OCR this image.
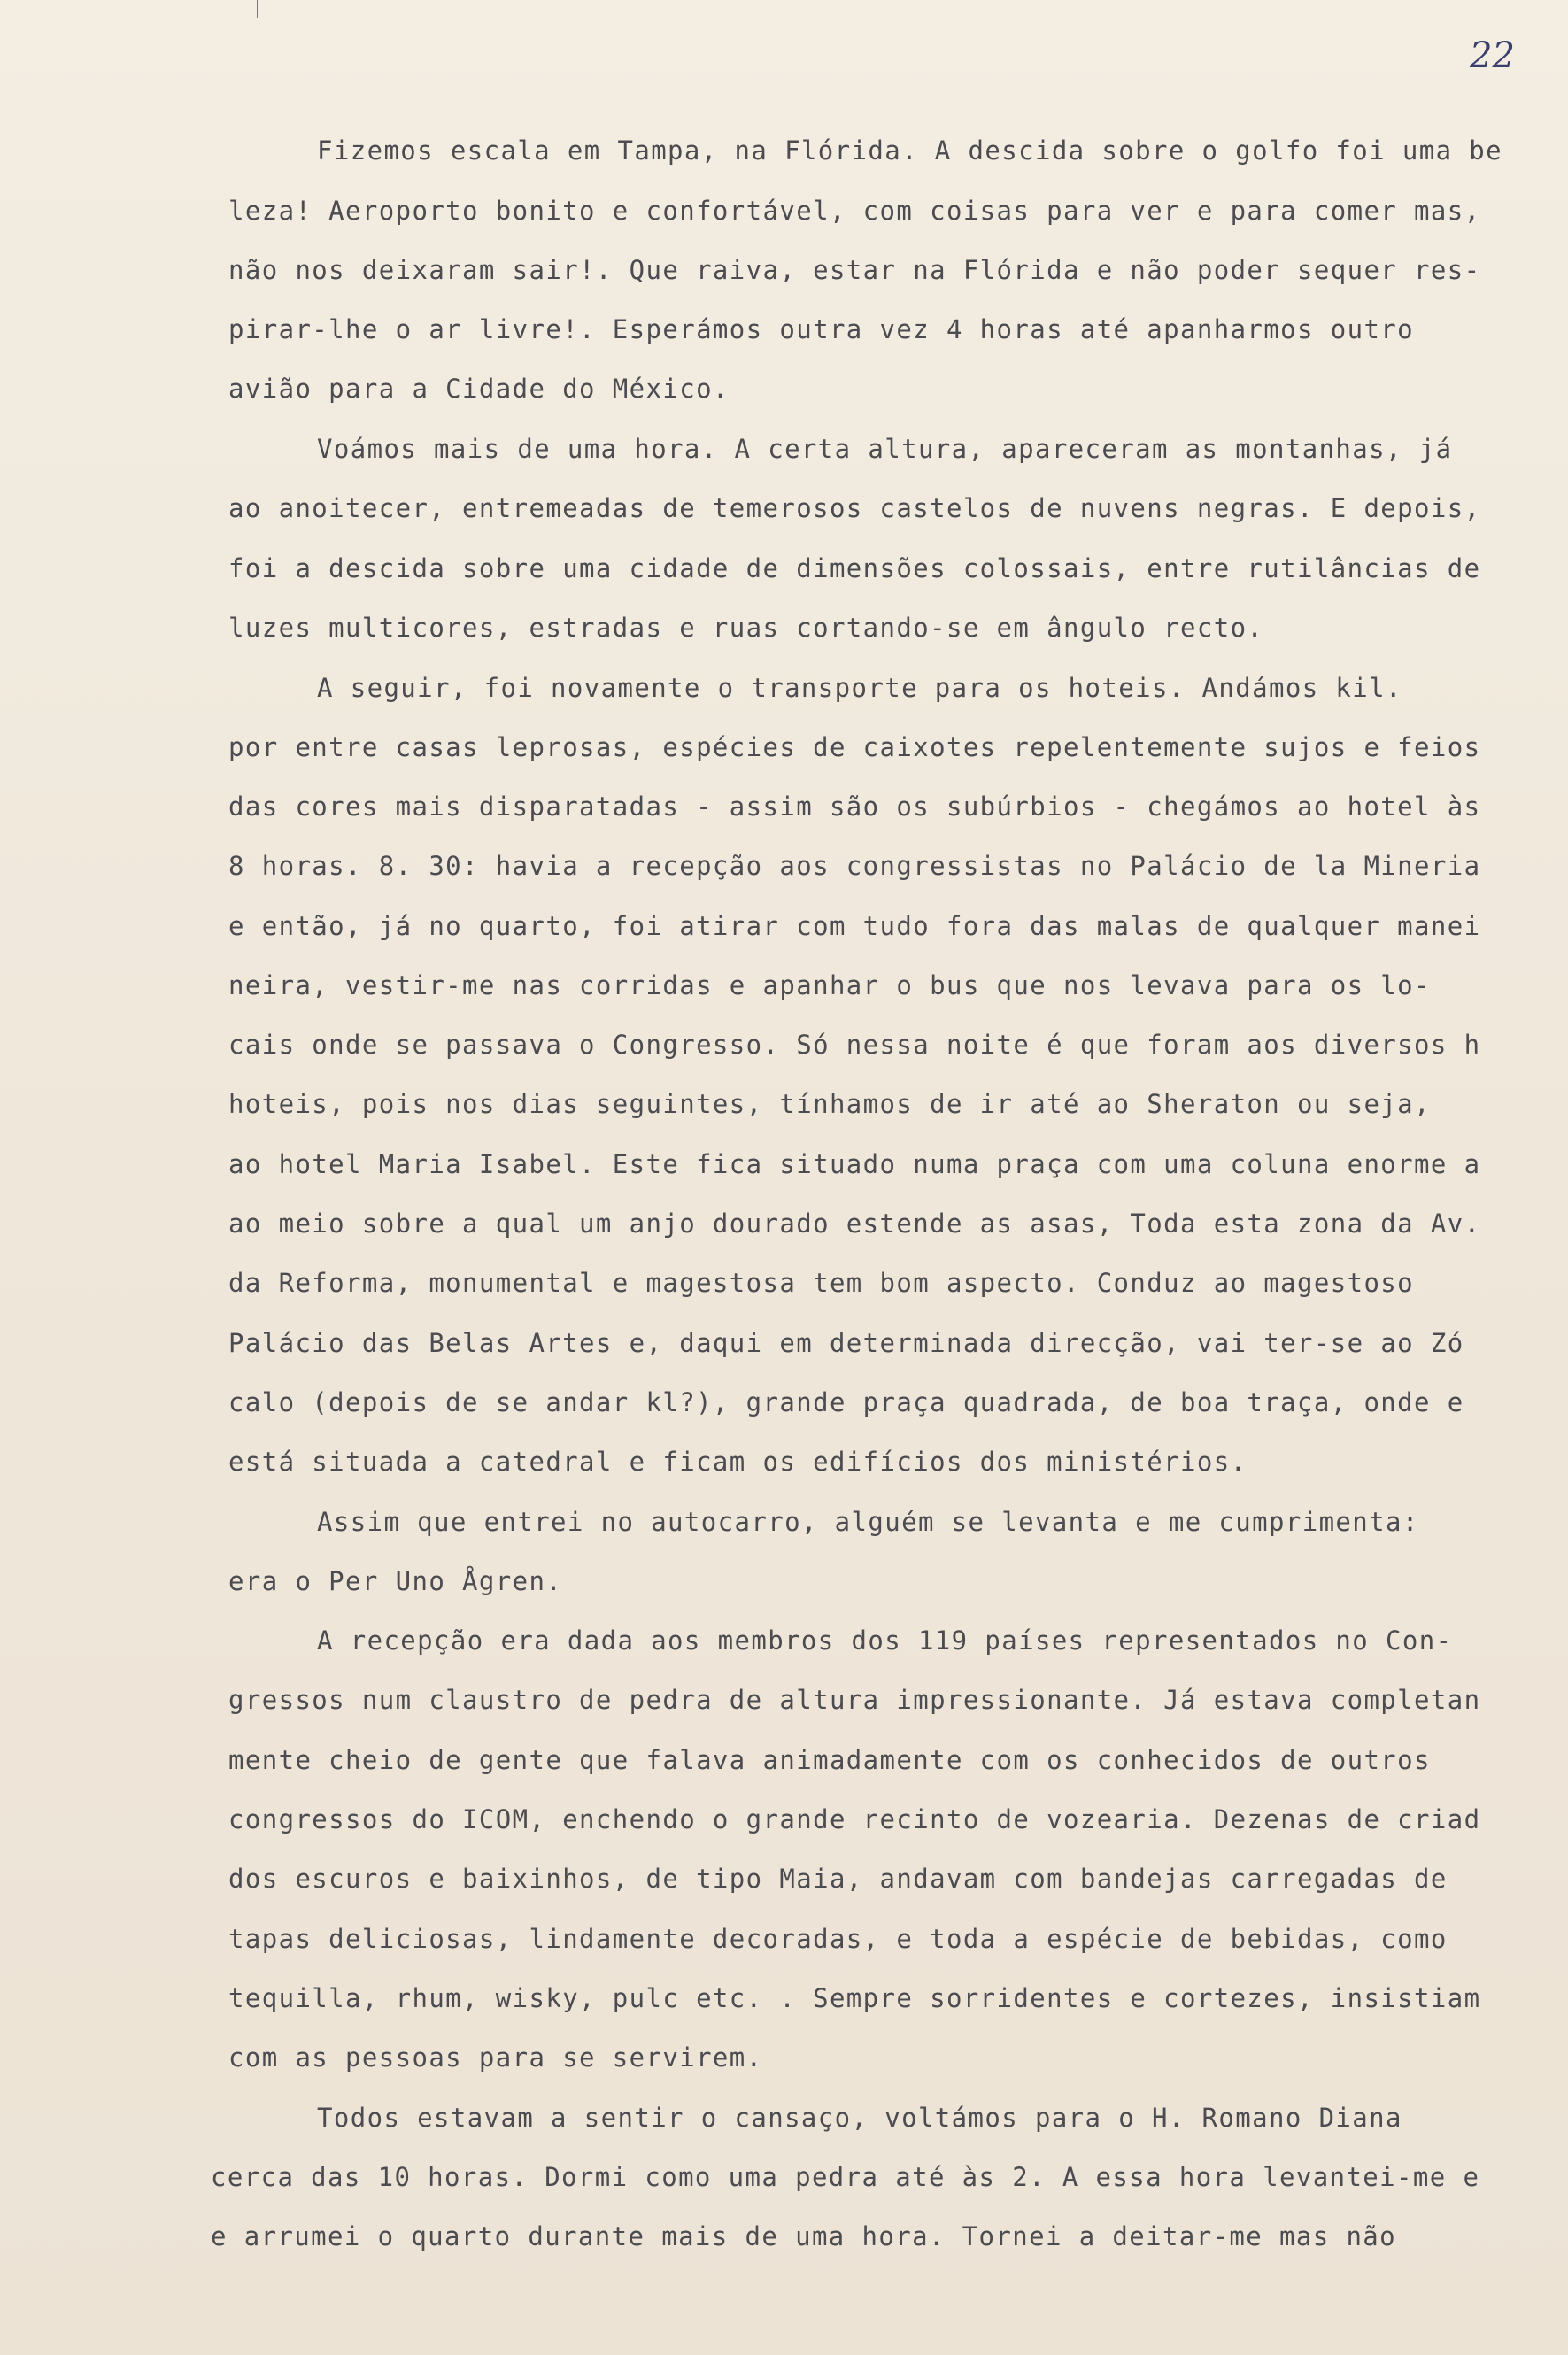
22
Fizemos escala em Tampa, na Flórida. A descida sobre o golfo foi uma be
leza! Aeroporto bonito e confortável, com coisas para ver e para comer mas,
não nos deixaram sair!. Que raiva, estar na Flórida e não poder sequer res-
pirar-lhe o ar livre!. Esperámos outra vez 4 horas até apanharmos outro
avião para a Cidade do México.
Voámos mais de uma hora. A certa altura, apareceram as montanhas, já
ao anoitecer, entremeadas de temerosos castelos de nuvens negras. E depois,
foi a descida sobre uma cidade de dimensões colossais, entre rutilâncias de
luzes multicores, estradas e ruas cortando-se em ângulo recto.
A seguir, foi novamente o transporte para os hoteis. Andámos kil.
por entre casas leprosas, espécies de caixotes repelentemente sujos e feios
das cores mais disparatadas - assim são os subúrbios - chegámos ao hotel às
8 horas. 8. 30: havia a recepção aos congressistas no Palácio de la Mineria
e então, já no quarto, foi atirar com tudo fora das malas de qualquer manei
neira, vestir-me nas corridas e apanhar o bus que nos levava para os lo-
cais onde se passava o Congresso. Só nessa noite é que foram aos diversos h
hoteis, pois nos dias seguintes, tínhamos de ir até ao Sheraton ou seja,
ao hotel Maria Isabel. Este fica situado numa praça com uma coluna enorme a
ao meio sobre a qual um anjo dourado estende as asas, Toda esta zona da Av.
da Reforma, monumental e magestosa tem bom aspecto. Conduz ao magestoso
Palácio das Belas Artes e, daqui em determinada direcção, vai ter-se ao Zó
calo (depois de se andar kl?), grande praça quadrada, de boa traça, onde e
está situada a catedral e ficam os edifícios dos ministérios.
Assim que entrei no autocarro, alguém se levanta e me cumprimenta:
era o Per Uno Ågren.
A recepção era dada aos membros dos 119 países representados no Con-
gressos num claustro de pedra de altura impressionante. Já estava completan
mente cheio de gente que falava animadamente com os conhecidos de outros
congressos do ICOM, enchendo o grande recinto de vozearia. Dezenas de criad
dos escuros e baixinhos, de tipo Maia, andavam com bandejas carregadas de
tapas deliciosas, lindamente decoradas, e toda a espécie de bebidas, como
tequilla, rhum, wisky, pulc etc. . Sempre sorridentes e cortezes, insistiam
com as pessoas para se servirem.
Todos estavam a sentir o cansaço, voltámos para o H. Romano Diana
cerca das 10 horas. Dormi como uma pedra até às 2. A essa hora levantei-me e
e arrumei o quarto durante mais de uma hora. Tornei a deitar-me mas não
